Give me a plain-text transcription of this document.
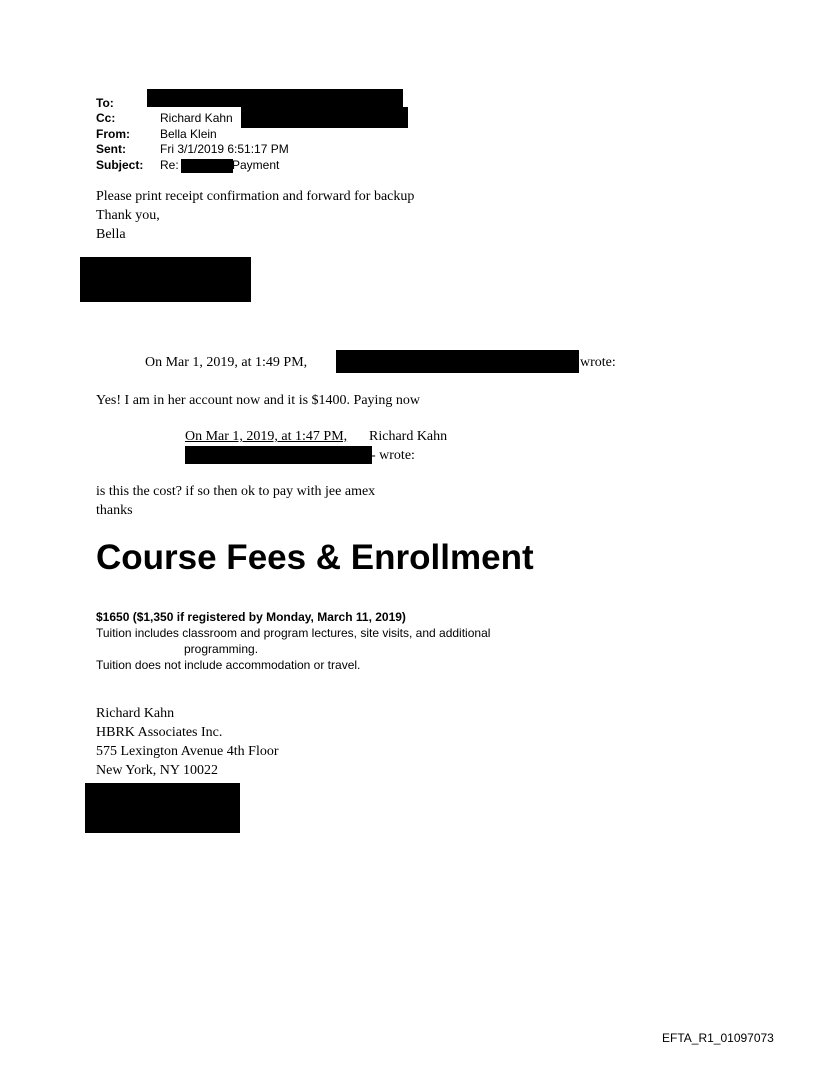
To:
Cc:	Richard Kahn
From:	Bella Klein
Sent:	Fri 3/1/2019 6:51:17 PM
Subject: Re:	Payment
Please print receipt confirmation and forward for backup
Thank you,
Bella
On Mar 1, 2019, at 1:49 PM,	wrote:
Yes! I am in her account now and it is $1400. Paying now
On Mar 1, 2019, at 1:47 PM, Richard Kahn
- wrote:
is this the cost? if so then ok to pay with jee amex
thanks
Course Fees & Enrollment
$1650 ($1,350 if registered by Monday, March 11, 2019)
Tuition includes classroom and program lectures, site visits, and additional
programming.
Tuition does not include accommodation or travel.
Richard Kahn
HBRK Associates Inc.
575 Lexington Avenue 4th Floor
New York, NY 10022
EFTA_R1_01097073
